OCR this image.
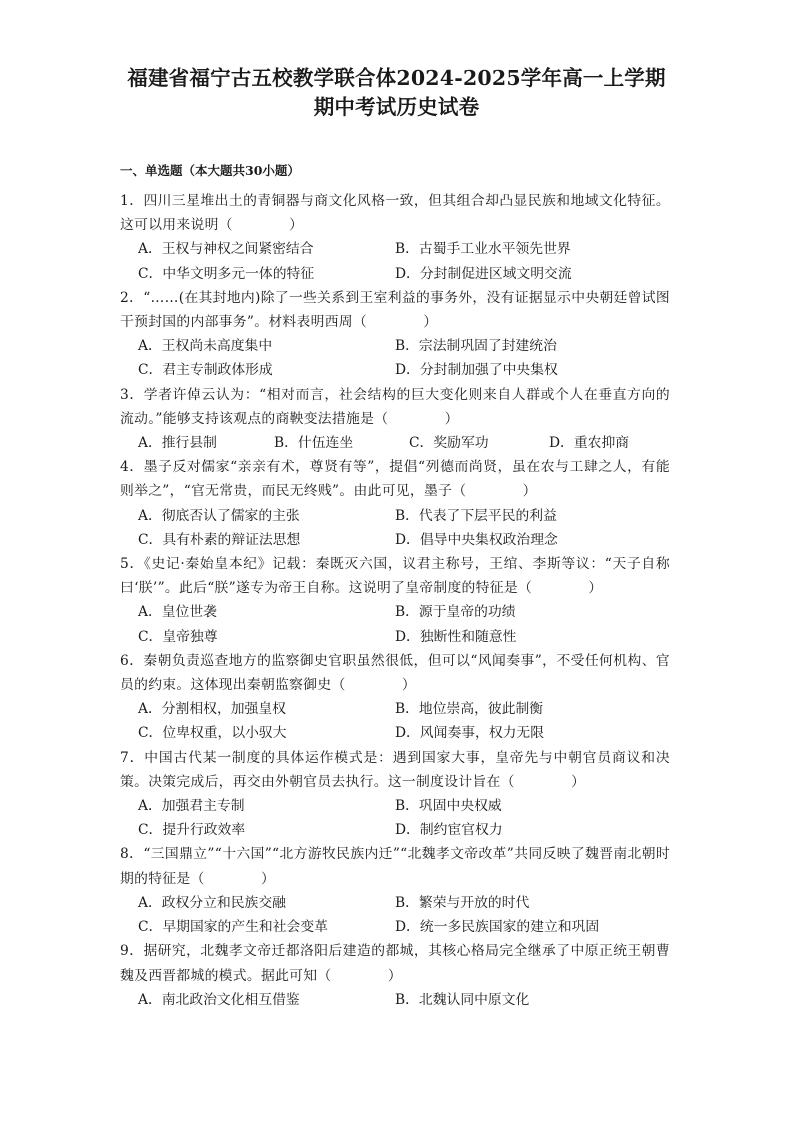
福建省福宁古五校教学联合体2024-2025学年高一上学期
期中考试历史试卷
一、单选题（本大题共30小题）
1．四川三星堆出土的青铜器与商文化风格一致，但其组合却凸显民族和地域文化特征。这可以用来说明（　　　　）
A．王权与神权之间紧密结合	B．古蜀手工业水平领先世界
C．中华文明多元一体的特征	D．分封制促进区域文明交流
2．“……(在其封地内)除了一些关系到王室利益的事务外，没有证据显示中央朝廷曾试图干预封国的内部事务”。材料表明西周（　　　　）
A．王权尚未高度集中	B．宗法制巩固了封建统治
C．君主专制政体形成	D．分封制加强了中央集权
3．学者许倬云认为：“相对而言，社会结构的巨大变化则来自人群或个人在垂直方向的流动。”能够支持该观点的商鞅变法措施是（　　　　）
A．推行县制	B．什伍连坐	C．奖励军功	D．重农抑商
4．墨子反对儒家“亲亲有术，尊贤有等”，提倡“列德而尚贤，虽在农与工肆之人，有能则举之”，“官无常贵，而民无终贱”。由此可见，墨子（　　　　）
A．彻底否认了儒家的主张	B．代表了下层平民的利益
C．具有朴素的辩证法思想	D．倡导中央集权政治理念
5．《史记·秦始皇本纪》记载：秦既灭六国，议君主称号，王绾、李斯等议：“天子自称曰‘朕’”。此后“朕”遂专为帝王自称。这说明了皇帝制度的特征是（　　　　）
A．皇位世袭	B．源于皇帝的功绩
C．皇帝独尊	D．独断性和随意性
6．秦朝负责巡查地方的监察御史官职虽然很低，但可以“风闻奏事”，不受任何机构、官员的约束。这体现出秦朝监察御史（　　　　）
A．分割相权，加强皇权	B．地位崇高，彼此制衡
C．位卑权重，以小驭大	D．风闻奏事，权力无限
7．中国古代某一制度的具体运作模式是：遇到国家大事，皇帝先与中朝官员商议和决策。决策完成后，再交由外朝官员去执行。这一制度设计旨在（　　　　）
A．加强君主专制	B．巩固中央权威
C．提升行政效率	D．制约宦官权力
8．“三国鼎立”“十六国”“北方游牧民族内迁”“北魏孝文帝改革”共同反映了魏晋南北朝时期的特征是（　　　　）
A．政权分立和民族交融	B．繁荣与开放的时代
C．早期国家的产生和社会变革	D．统一多民族国家的建立和巩固
9．据研究，北魏孝文帝迁都洛阳后建造的都城，其核心格局完全继承了中原正统王朝曹魏及西晋都城的模式。据此可知（　　　　）
A．南北政治文化相互借鉴	B．北魏认同中原文化
